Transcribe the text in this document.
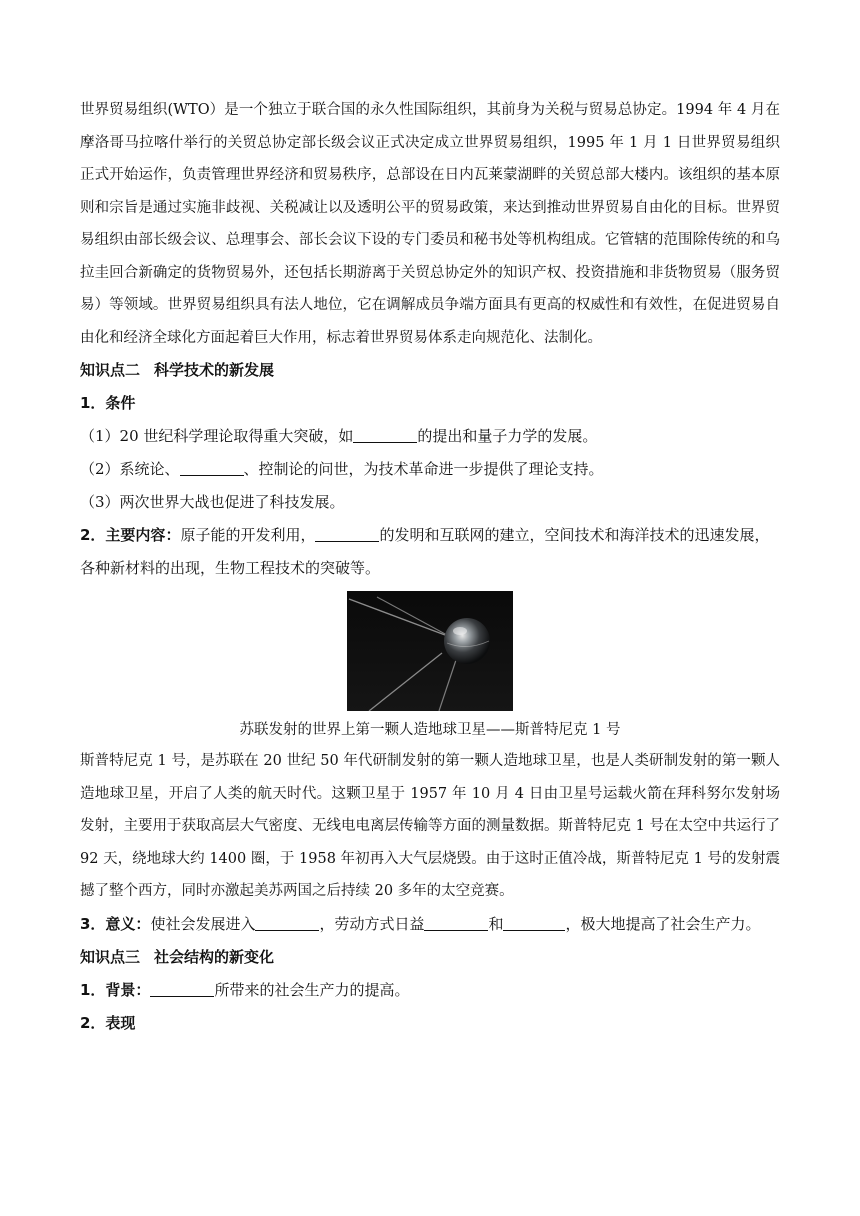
世界贸易组织(WTO）是一个独立于联合国的永久性国际组织，其前身为关税与贸易总协定。1994 年 4 月在摩洛哥马拉喀什举行的关贸总协定部长级会议正式决定成立世界贸易组织，1995 年 1 月 1 日世界贸易组织正式开始运作，负责管理世界经济和贸易秩序，总部设在日内瓦莱蒙湖畔的关贸总部大楼内。该组织的基本原则和宗旨是通过实施非歧视、关税减让以及透明公平的贸易政策，来达到推动世界贸易自由化的目标。世界贸易组织由部长级会议、总理事会、部长会议下设的专门委员和秘书处等机构组成。它管辖的范围除传统的和乌拉圭回合新确定的货物贸易外，还包括长期游离于关贸总协定外的知识产权、投资措施和非货物贸易（服务贸易）等领域。世界贸易组织具有法人地位，它在调解成员争端方面具有更高的权威性和有效性，在促进贸易自由化和经济全球化方面起着巨大作用，标志着世界贸易体系走向规范化、法制化。

知识点二 科学技术的新发展

1．条件

（1）20 世纪科学理论取得重大突破，如	的提出和量子力学的发展。

（2）系统论、	、控制论的问世，为技术革命进一步提供了理论支持。

（3）两次世界大战也促进了科技发展。

2．主要内容：原子能的开发利用，	的发明和互联网的建立，空间技术和海洋技术的迅速发展，各种新材料的出现，生物工程技术的突破等。

苏联发射的世界上第一颗人造地球卫星——斯普特尼克 1 号

斯普特尼克 1 号，是苏联在 20 世纪 50 年代研制发射的第一颗人造地球卫星，也是人类研制发射的第一颗人造地球卫星，开启了人类的航天时代。这颗卫星于 1957 年 10 月 4 日由卫星号运载火箭在拜科努尔发射场发射，主要用于获取高层大气密度、无线电电离层传输等方面的测量数据。斯普特尼克 1 号在太空中共运行了 92 天，绕地球大约 1400 圈，于 1958 年初再入大气层烧毁。由于这时正值冷战，斯普特尼克 1 号的发射震撼了整个西方，同时亦激起美苏两国之后持续 20 多年的太空竞赛。

3．意义：使社会发展进入	，劳动方式日益	和	，极大地提高了社会生产力。

知识点三 社会结构的新变化

1．背景：	所带来的社会生产力的提高。

2．表现
